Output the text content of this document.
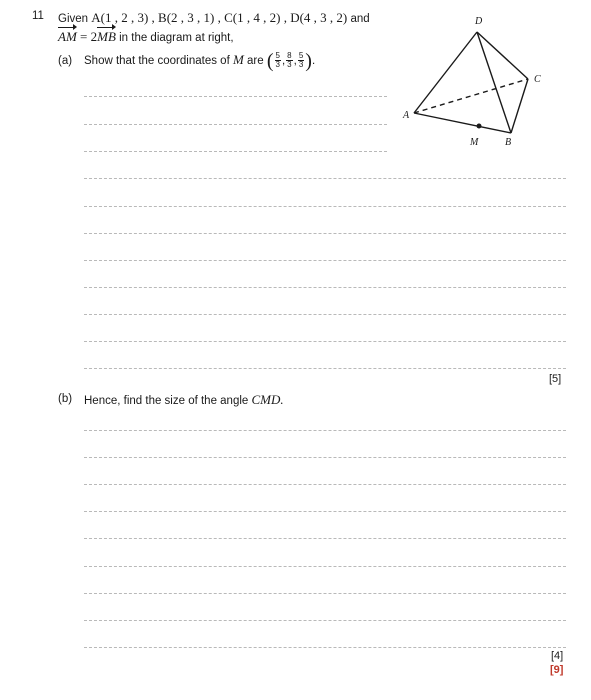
11 Given A(1 , 2 , 3) , B(2 , 3 , 1) , C(1 , 4 , 2) , D(4 , 3 , 2) and
AM = 2MB in the diagram at right,
(a) Show that the coordinates of M are ( $\frac{5}{3}$ , $\frac{8}{3}$ , $\frac{5}{3}$ ).
[5]
(b) Hence, find the size of the angle CMD.
[4]
[9]
D
A
C
M	B
